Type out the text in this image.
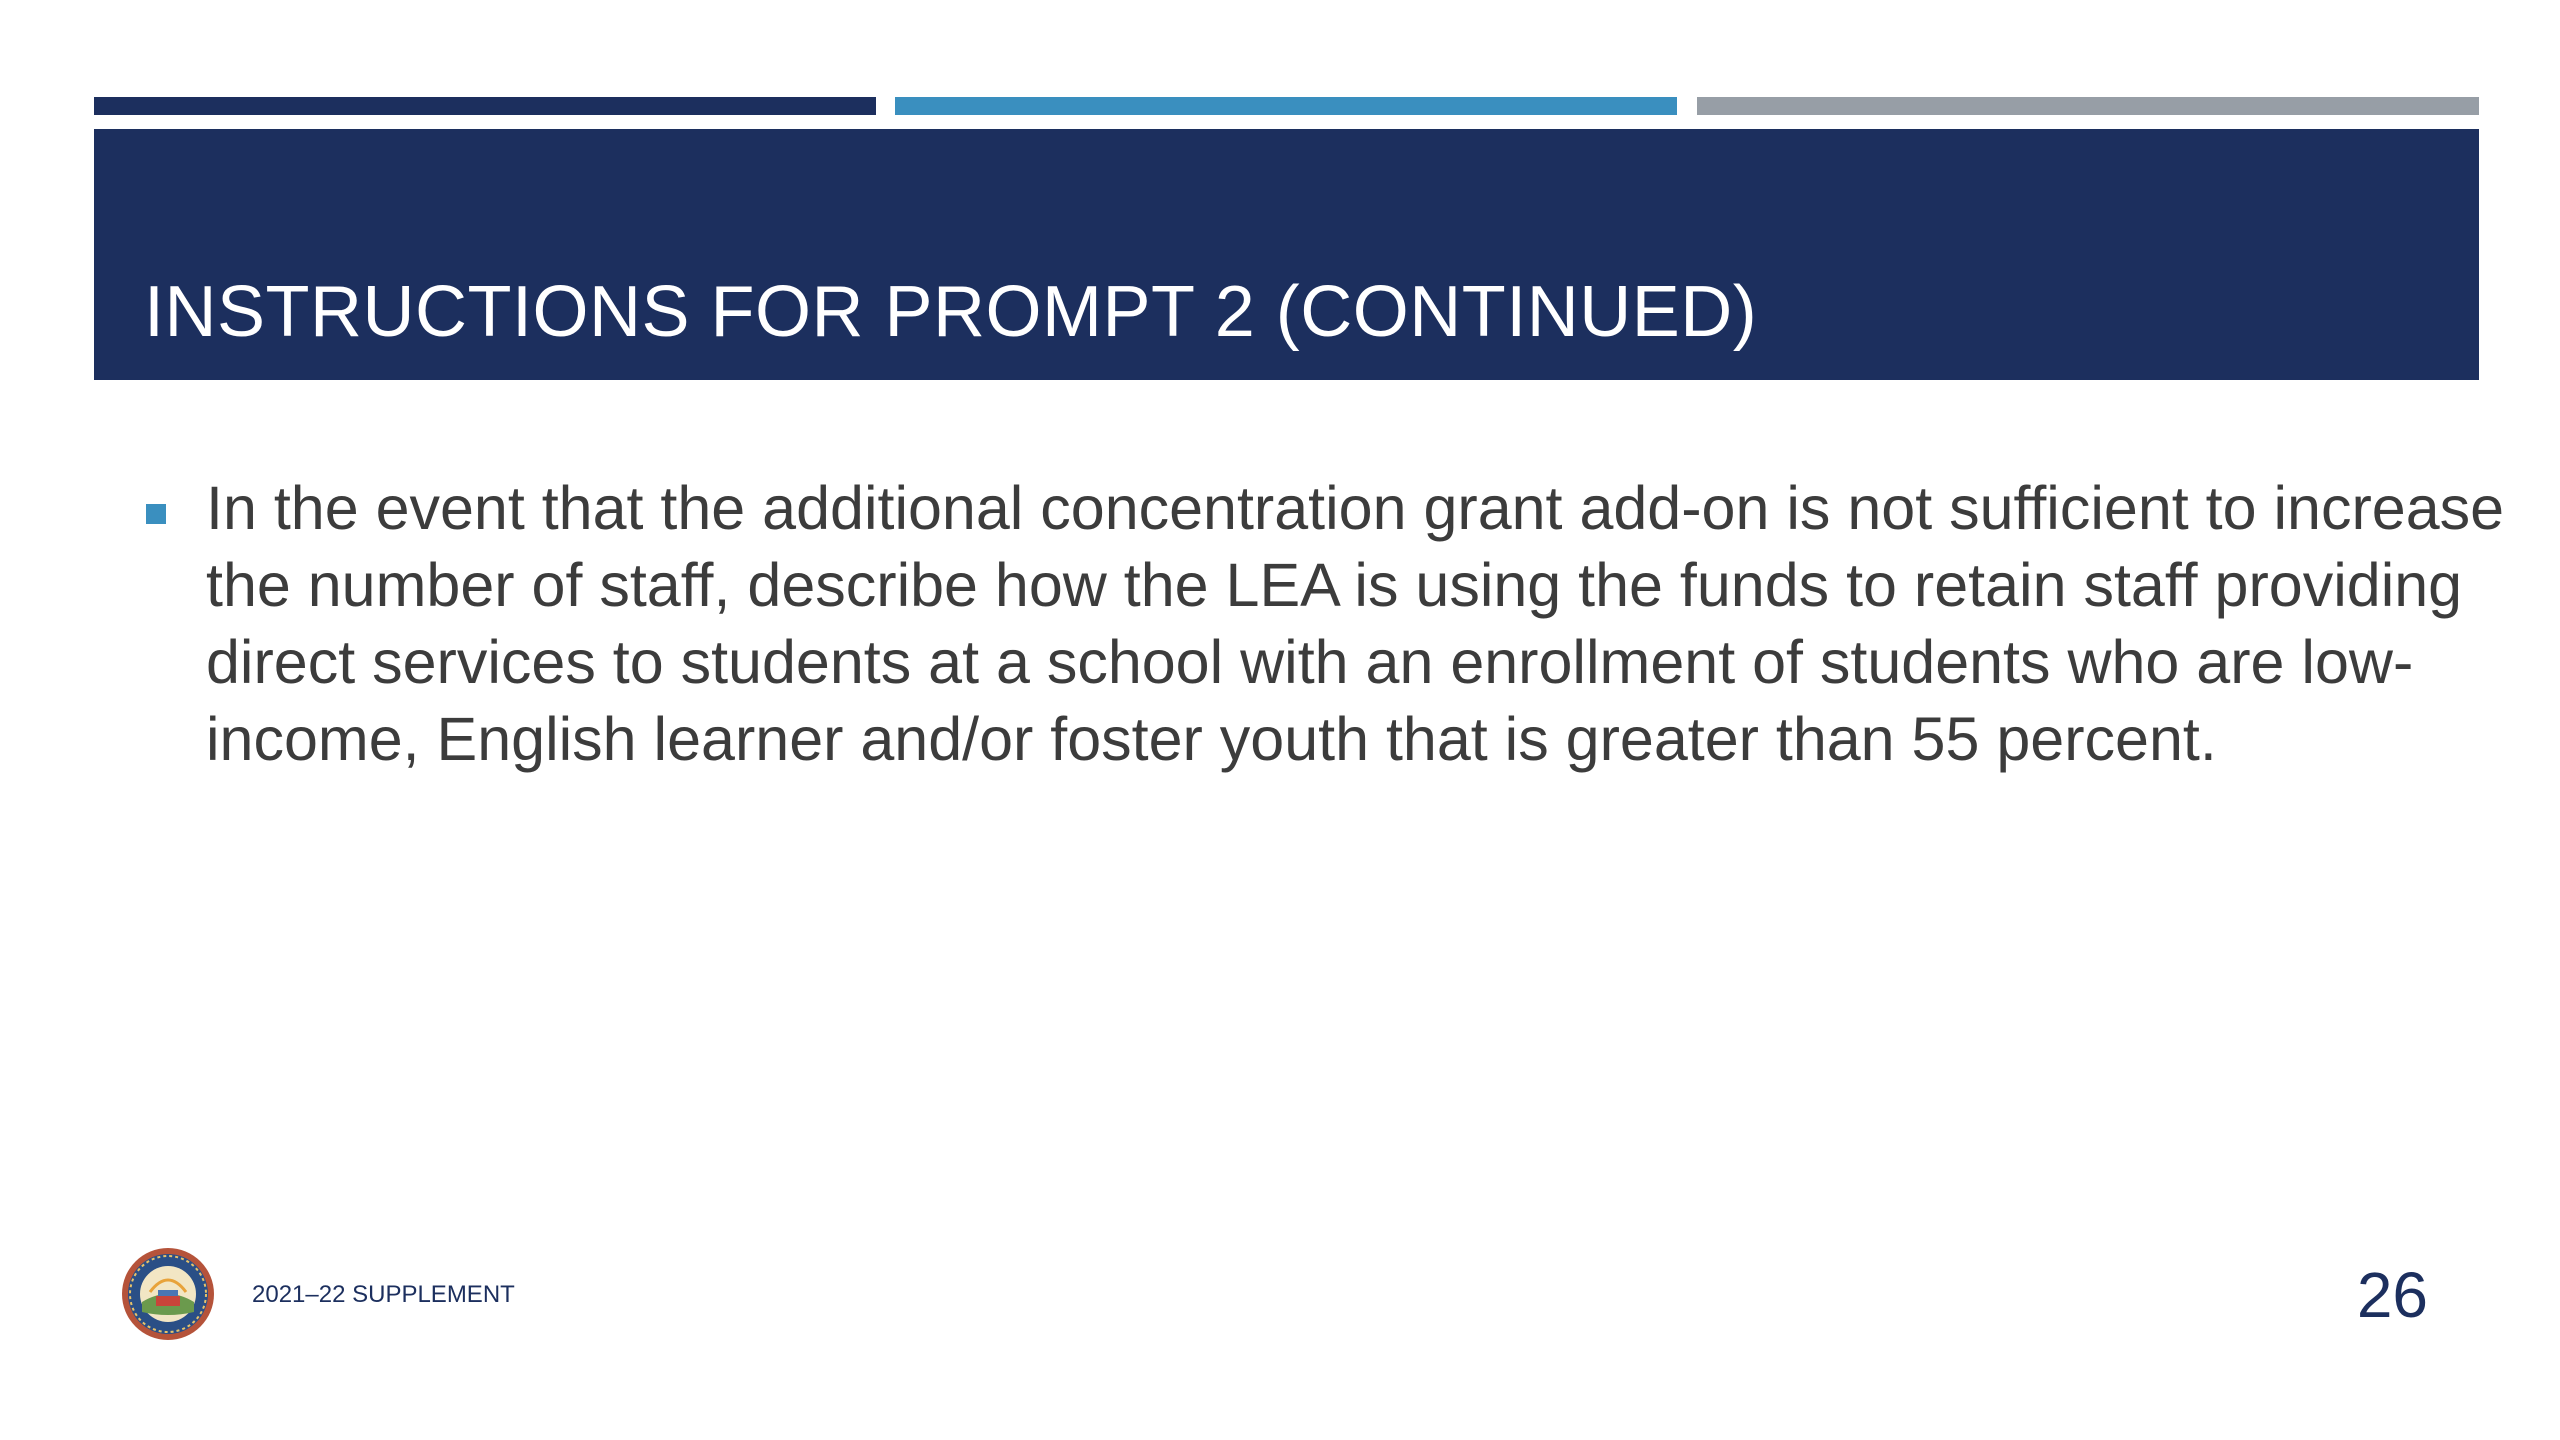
INSTRUCTIONS FOR PROMPT 2 (CONTINUED)

In the event that the additional concentration grant add-on is not sufficient to increase the number of staff, describe how the LEA is using the funds to retain staff providing direct services to students at a school with an enrollment of students who are low-income, English learner and/or foster youth that is greater than 55 percent.

2021–22 SUPPLEMENT	26
